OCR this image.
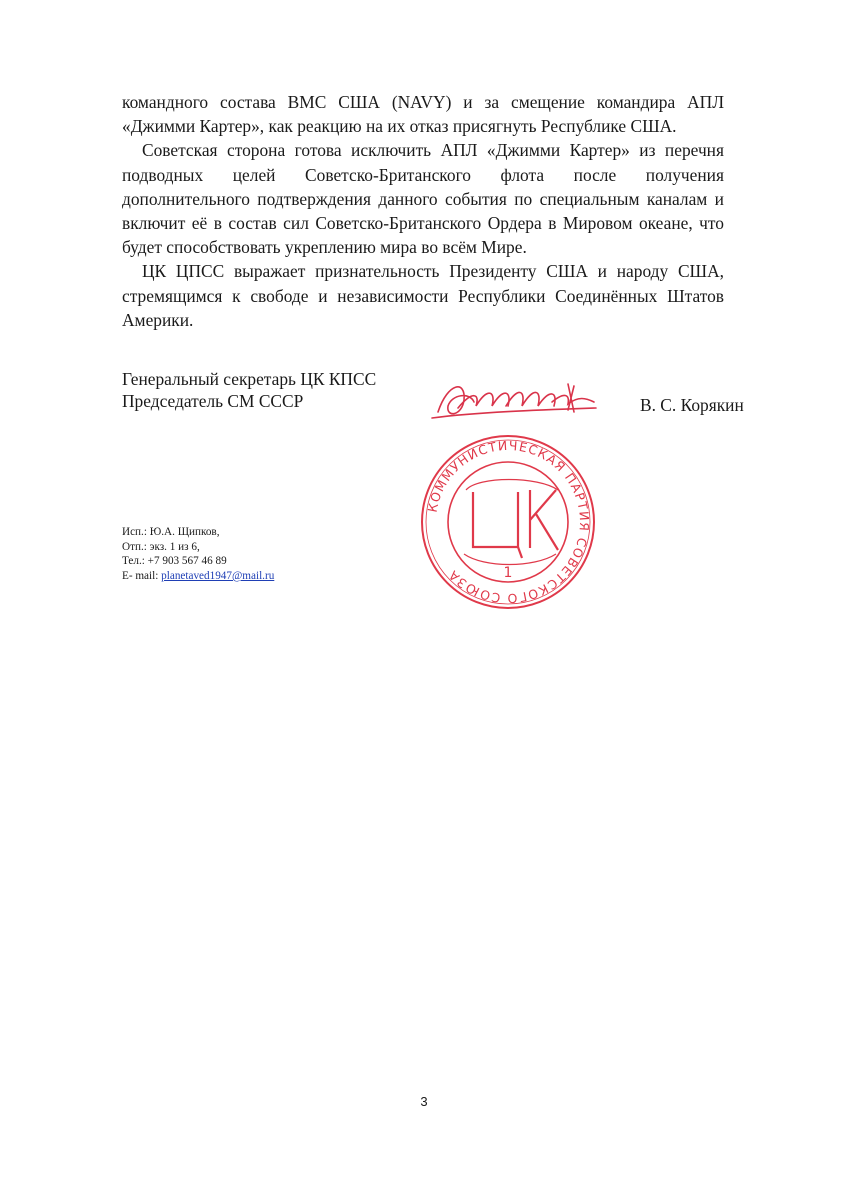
командного состава ВМС США (NAVY) и за смещение командира АПЛ «Джимми Картер», как реакцию на их отказ присягнуть Республике США.

Советская сторона готова исключить АПЛ «Джимми Картер» из перечня подводных целей Советско-Британского флота после получения дополнительного подтверждения данного события по специальным каналам и включит её в состав сил Советско-Британского Ордера в Мировом океане, что будет способствовать укреплению мира во всём Мире.

ЦК ЦПСС выражает признательность Президенту США и народу США, стремящимся к свободе и независимости Республики Соединённых Штатов Америки.

Генеральный секретарь ЦК КПСС
Председатель СМ СССР	В. С. Корякин
КОММУНИСТИЧЕСКАЯ ПАРТИЯ СОВЕТСКОГО СОЮЗА	1
Исп.: Ю.А. Щипков,
Отп.: экз. 1 из 6,
Тел.: +7 903 567 46 89
E- mail: planetaved1947@mail.ru
3
